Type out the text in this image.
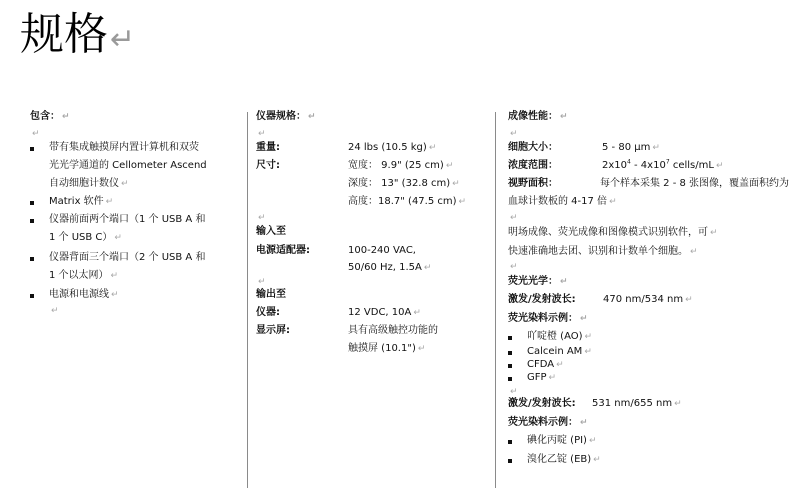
规格↵
包含： ↵
↵
带有集成触摸屏内置计算机和双荧
光光学通道的 Cellometer Ascend
自动细胞计数仪 ↵
Matrix 软件 ↵
仪器前面两个端口（1 个 USB A 和
1 个 USB C） ↵
仪器背面三个端口（2 个 USB A 和
1 个以太网） ↵
电源和电源线 ↵
↵
仪器规格： ↵
↵
重量:	24 lbs (10.5 kg) ↵
尺寸:	宽度： 9.9" (25 cm) ↵
深度： 13" (32.8 cm) ↵
高度：18.7" (47.5 cm) ↵
↵
输入至
电源适配器:	100-240 VAC,
50/60 Hz, 1.5A ↵
↵
输出至
仪器:	12 VDC, 10A ↵
显示屏:	具有高级触控功能的
触摸屏 (10.1") ↵
成像性能： ↵
↵
细胞大小：	5 - 80 µm ↵
浓度范围：	$2x10^4 - 4x10^7$ cells/mL ↵
视野面积：	每个样本采集 2 - 8 张图像，覆盖面积约为
血球计数板的 4-17 倍 ↵
↵
明场成像、荧光成像和图像模式识别软件，可 ↵
快速准确地去团、识别和计数单个细胞。 ↵
↵
荧光光学： ↵
激发/发射波长:	470 nm/534 nm ↵
荧光染料示例： ↵
吖啶橙 (AO) ↵
Calcein AM ↵
CFDA ↵
GFP ↵
↵
激发/发射波长: 531 nm/655 nm ↵
荧光染料示例： ↵
碘化丙啶 (PI) ↵
溴化乙锭 (EB) ↵
